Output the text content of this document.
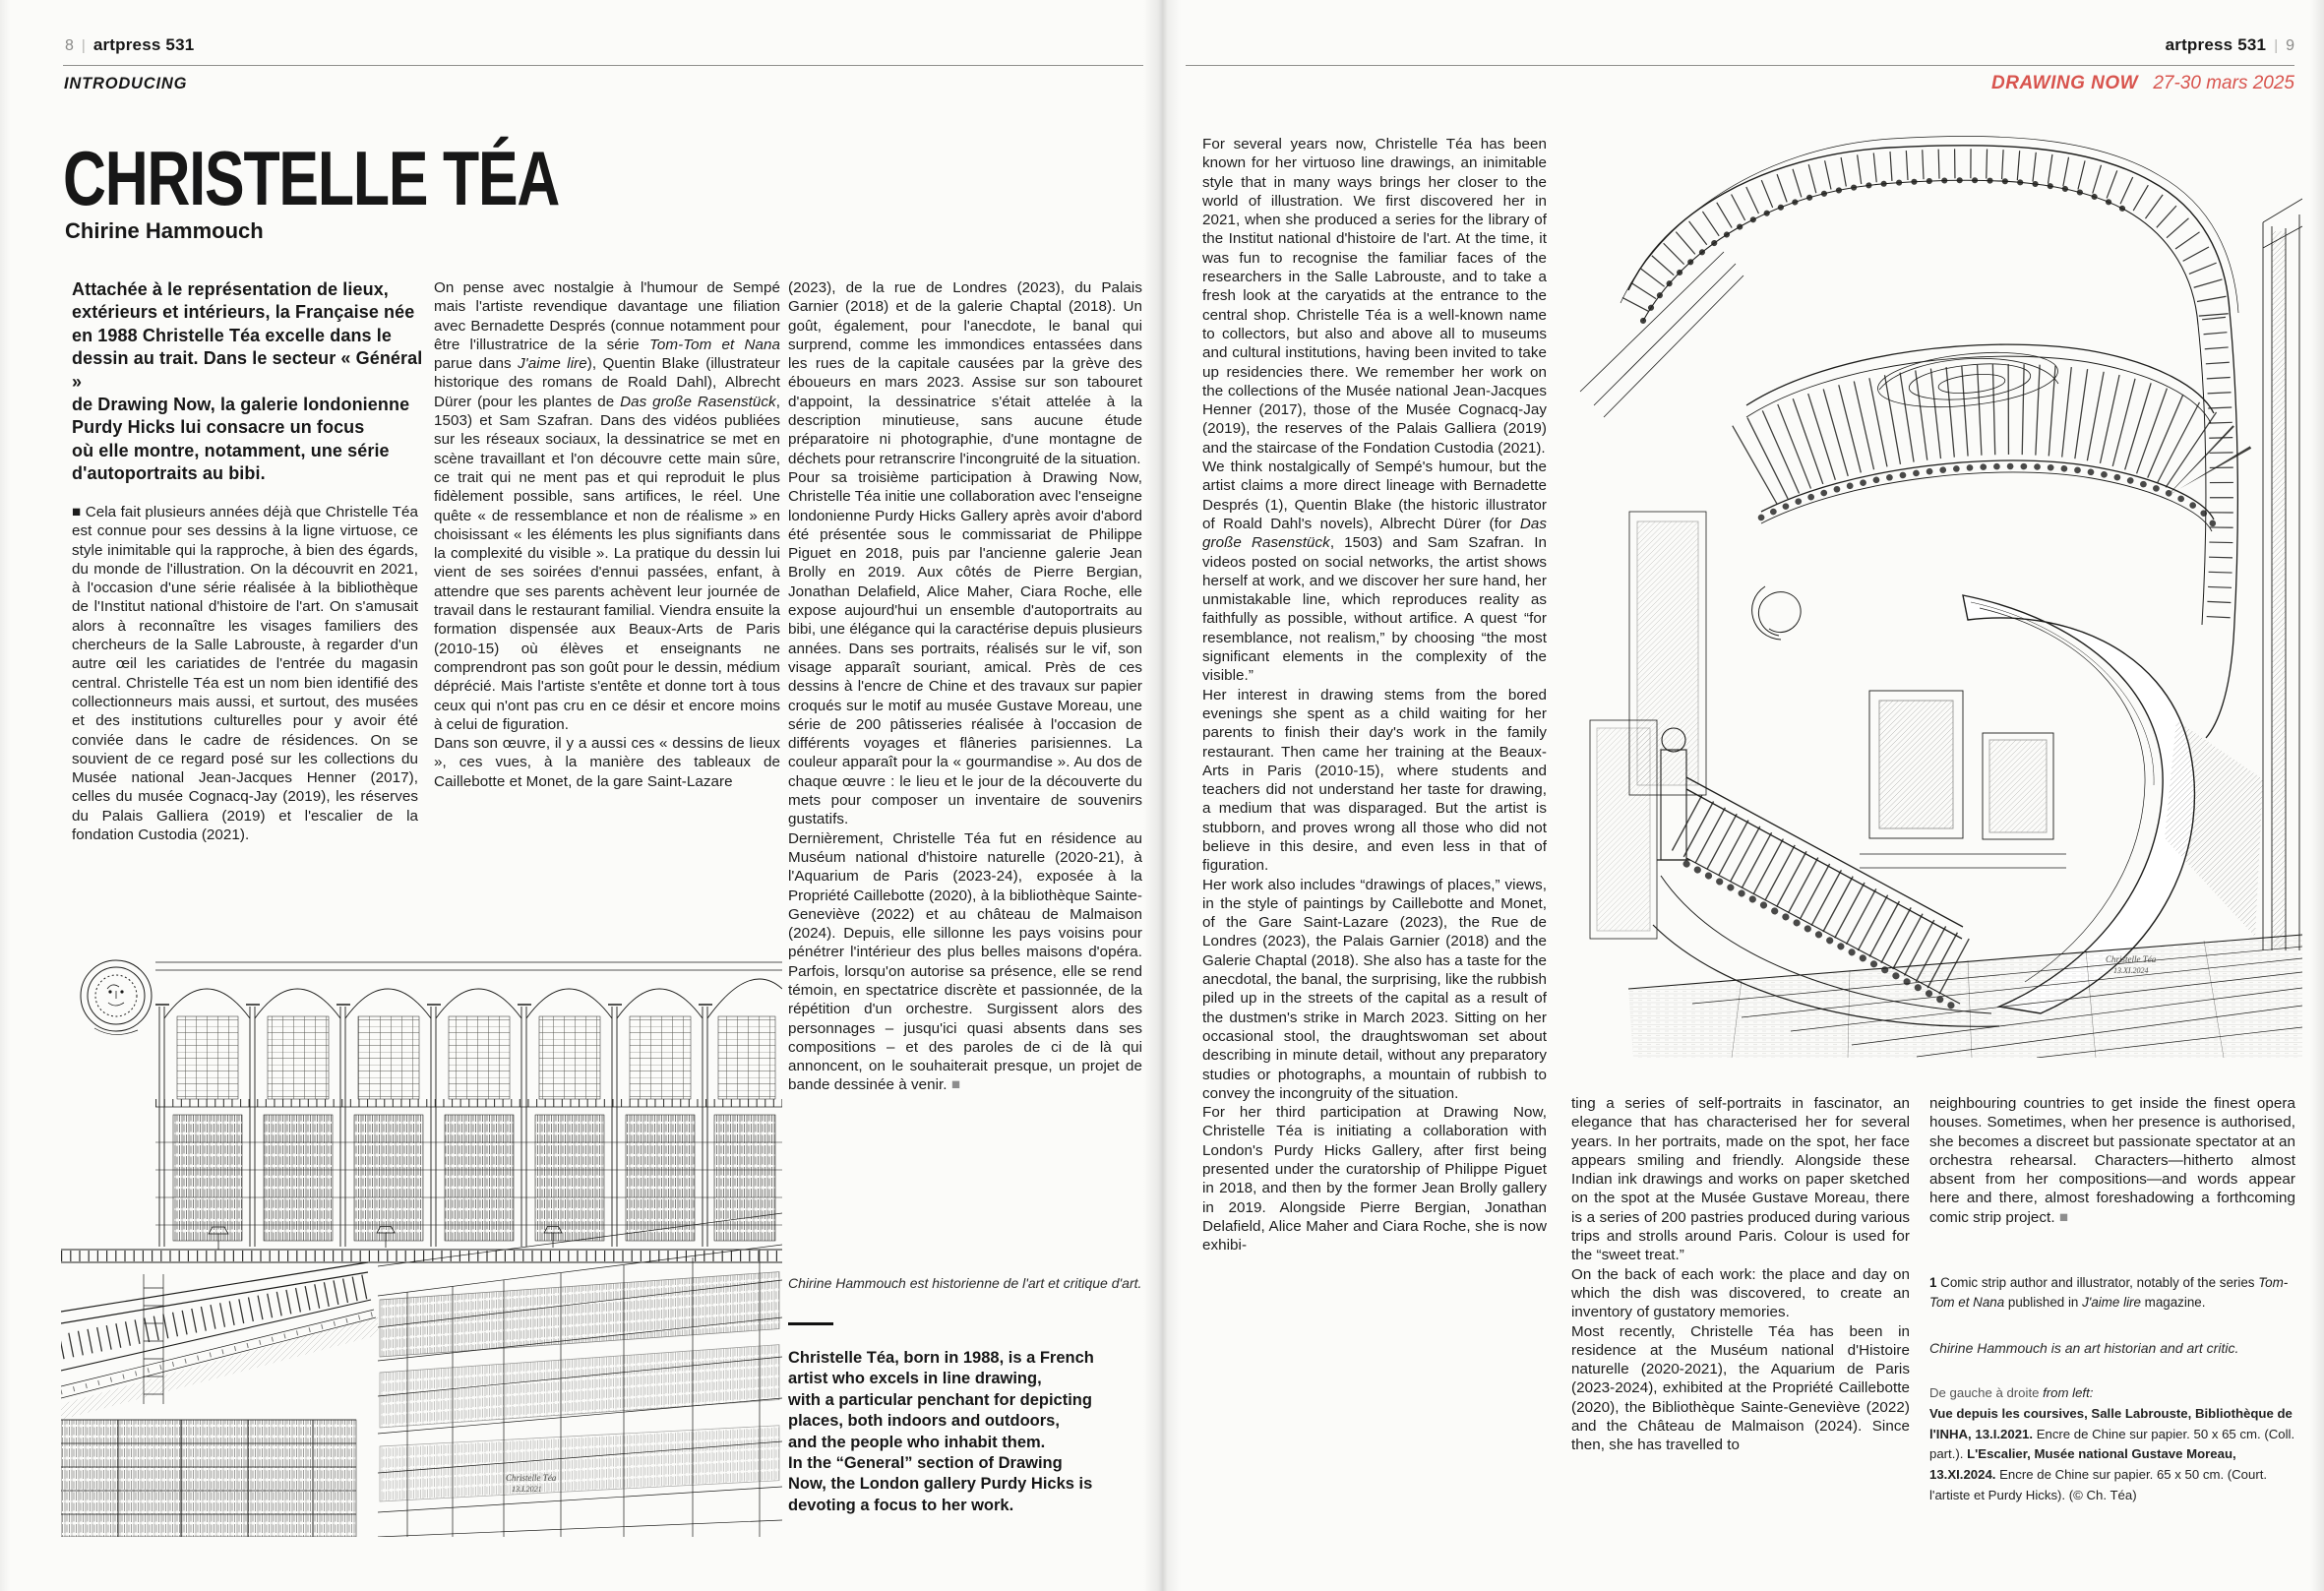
8 | artpress 531
INTRODUCING
CHRISTELLE TÉA
Chirine Hammouch
Attachée à le représentation de lieux,
extérieurs et intérieurs, la Française née
en 1988 Christelle Téa excelle dans le
dessin au trait. Dans le secteur « Général »
de Drawing Now, la galerie londonienne
Purdy Hicks lui consacre un focus
où elle montre, notamment, une série
d'autoportraits au bibi.
■ Cela fait plusieurs années déjà que Christelle Téa est connue pour ses dessins à la ligne virtuose, ce style inimitable qui la rapproche, à bien des égards, du monde de l'illustration. On la découvrit en 2021, à l'occasion d'une série réalisée à la bibliothèque de l'Institut national d'histoire de l'art. On s'amusait alors à reconnaître les visages familiers des chercheurs de la Salle Labrouste, à regarder d'un autre œil les cariatides de l'entrée du magasin central. Christelle Téa est un nom bien identifié des collectionneurs mais aussi, et surtout, des musées et des institutions culturelles pour y avoir été conviée dans le cadre de résidences. On se souvient de ce regard posé sur les collections du Musée national Jean-Jacques Henner (2017), celles du musée Cognacq-Jay (2019), les réserves du Palais Galliera (2019) et l'escalier de la fondation Custodia (2021).
On pense avec nostalgie à l'humour de Sempé mais l'artiste revendique davantage une filiation avec Bernadette Després (connue notamment pour être l'illustratrice de la série Tom-Tom et Nana parue dans J'aime lire), Quentin Blake (illustrateur historique des romans de Roald Dahl), Albrecht Dürer (pour les plantes de Das große Rasenstück, 1503) et Sam Szafran. Dans des vidéos publiées sur les réseaux sociaux, la dessinatrice se met en scène travaillant et l'on découvre cette main sûre, ce trait qui ne ment pas et qui reproduit le plus fidèlement possible, sans artifices, le réel. Une quête « de ressemblance et non de réalisme » en choisissant « les éléments les plus signifiants dans la complexité du visible ». La pratique du dessin lui vient de ses soirées d'ennui passées, enfant, à attendre que ses parents achèvent leur journée de travail dans le restaurant familial. Viendra ensuite la formation dispensée aux Beaux-Arts de Paris (2010-15) où élèves et enseignants ne comprendront pas son goût pour le dessin, médium déprécié. Mais l'artiste s'entête et donne tort à tous ceux qui n'ont pas cru en ce désir et encore moins à celui de figuration.
Dans son œuvre, il y a aussi ces « dessins de lieux », ces vues, à la manière des tableaux de Caillebotte et Monet, de la gare Saint-Lazare
(2023), de la rue de Londres (2023), du Palais Garnier (2018) et de la galerie Chaptal (2018). Un goût, également, pour l'anecdote, le banal qui surprend, comme les immondices entassées dans les rues de la capitale causées par la grève des éboueurs en mars 2023. Assise sur son tabouret d'appoint, la dessinatrice s'était attelée à la description minutieuse, sans aucune étude préparatoire ni photographie, d'une montagne de déchets pour retranscrire l'incongruité de la situation.
Pour sa troisième participation à Drawing Now, Christelle Téa initie une collaboration avec l'enseigne londonienne Purdy Hicks Gallery après avoir d'abord été présentée sous le commissariat de Philippe Piguet en 2018, puis par l'ancienne galerie Jean Brolly en 2019. Aux côtés de Pierre Bergian, Jonathan Delafield, Alice Maher, Ciara Roche, elle expose aujourd'hui un ensemble d'autoportraits au bibi, une élégance qui la caractérise depuis plusieurs années. Dans ses portraits, réalisés sur le vif, son visage apparaît souriant, amical. Près de ces dessins à l'encre de Chine et des travaux sur papier croqués sur le motif au musée Gustave Moreau, une série de 200 pâtisseries réalisée à l'occasion de différents voyages et flâneries parisiennes. La couleur apparaît pour la « gourmandise ». Au dos de chaque œuvre : le lieu et le jour de la découverte du mets pour composer un inventaire de souvenirs gustatifs.
Dernièrement, Christelle Téa fut en résidence au Muséum national d'histoire naturelle (2020-21), à l'Aquarium de Paris (2023-24), exposée à la Propriété Caillebotte (2020), à la bibliothèque Sainte-Geneviève (2022) et au château de Malmaison (2024). Depuis, elle sillonne les pays voisins pour pénétrer l'intérieur des plus belles maisons d'opéra. Parfois, lorsqu'on autorise sa présence, elle se rend témoin, en spectatrice discrète et passionnée, de la répétition d'un orchestre. Surgissent alors des personnages – jusqu'ici quasi absents dans ses compositions – et des paroles de ci de là qui annoncent, on le souhaiterait presque, un projet de bande dessinée à venir. ■
Chirine Hammouch est historienne de l'art et critique d'art.
Christelle Téa, born in 1988, is a French
artist who excels in line drawing,
with a particular penchant for depicting
places, both indoors and outdoors,
and the people who inhabit them.
In the “General” section of Drawing
Now, the London gallery Purdy Hicks is
devoting a focus to her work.
Christelle Téa
13.I.2021
artpress 531 | 9
DRAWING NOW 27-30 mars 2025
For several years now, Christelle Téa has been known for her virtuoso line drawings, an inimitable style that in many ways brings her closer to the world of illustration. We first discovered her in 2021, when she produced a series for the library of the Institut national d'histoire de l'art. At the time, it was fun to recognise the familiar faces of the researchers in the Salle Labrouste, and to take a fresh look at the caryatids at the entrance to the central shop. Christelle Téa is a well-known name to collectors, but also and above all to museums and cultural institutions, having been invited to take up residencies there. We remember her work on the collections of the Musée national Jean-Jacques Henner (2017), those of the Musée Cognacq-Jay (2019), the reserves of the Palais Galliera (2019) and the staircase of the Fondation Custodia (2021).
We think nostalgically of Sempé's humour, but the artist claims a more direct lineage with Bernadette Després (1), Quentin Blake (the historic illustrator of Roald Dahl's novels), Albrecht Dürer (for Das große Rasenstück, 1503) and Sam Szafran. In videos posted on social networks, the artist shows herself at work, and we discover her sure hand, her unmistakable line, which reproduces reality as faithfully as possible, without artifice. A quest “for resemblance, not realism,” by choosing “the most significant elements in the complexity of the visible.”
Her interest in drawing stems from the bored evenings she spent as a child waiting for her parents to finish their day's work in the family restaurant. Then came her training at the Beaux-Arts in Paris (2010-15), where students and teachers did not understand her taste for drawing, a medium that was disparaged. But the artist is stubborn, and proves wrong all those who did not believe in this desire, and even less in that of figuration.
Her work also includes “drawings of places,” views, in the style of paintings by Caillebotte and Monet, of the Gare Saint-Lazare (2023), the Rue de Londres (2023), the Palais Garnier (2018) and the Galerie Chaptal (2018). She also has a taste for the anecdotal, the banal, the surprising, like the rubbish piled up in the streets of the capital as a result of the dustmen's strike in March 2023. Sitting on her occasional stool, the draughtswoman set about describing in minute detail, without any preparatory studies or photographs, a mountain of rubbish to convey the incongruity of the situation.
For her third participation at Drawing Now, Christelle Téa is initiating a collaboration with London's Purdy Hicks Gallery, after first being presented under the curatorship of Philippe Piguet in 2018, and then by the former Jean Brolly gallery in 2019. Alongside Pierre Bergian, Jonathan Delafield, Alice Maher and Ciara Roche, she is now exhibi-
ting a series of self-portraits in fascinator, an elegance that has characterised her for several years. In her portraits, made on the spot, her face appears smiling and friendly. Alongside these Indian ink drawings and works on paper sketched on the spot at the Musée Gustave Moreau, there is a series of 200 pastries produced during various trips and strolls around Paris. Colour is used for the “sweet treat.”
On the back of each work: the place and day on which the dish was discovered, to create an inventory of gustatory memories.
Most recently, Christelle Téa has been in residence at the Muséum national d'Histoire naturelle (2020-2021), the Aquarium de Paris (2023-2024), exhibited at the Propriété Caillebotte (2020), the Bibliothèque Sainte-Geneviève (2022) and the Château de Malmaison (2024). Since then, she has travelled to
neighbouring countries to get inside the finest opera houses. Sometimes, when her presence is authorised, she becomes a discreet but passionate spectator at an orchestra rehearsal. Characters—hitherto almost absent from her compositions—and words appear here and there, almost foreshadowing a forthcoming comic strip project. ■
1 Comic strip author and illustrator, notably of the series Tom-Tom et Nana published in J'aime lire magazine.
Chirine Hammouch is an art historian and art critic.
De gauche à droite from left:
Vue depuis les coursives, Salle Labrouste, Bibliothèque de l'INHA, 13.I.2021. Encre de Chine sur papier. 50 x 65 cm. (Coll. part.). L'Escalier, Musée national Gustave Moreau, 13.XI.2024. Encre de Chine sur papier. 65 x 50 cm. (Court. l'artiste et Purdy Hicks). (© Ch. Téa)
Christelle Téa
13.XI.2024
